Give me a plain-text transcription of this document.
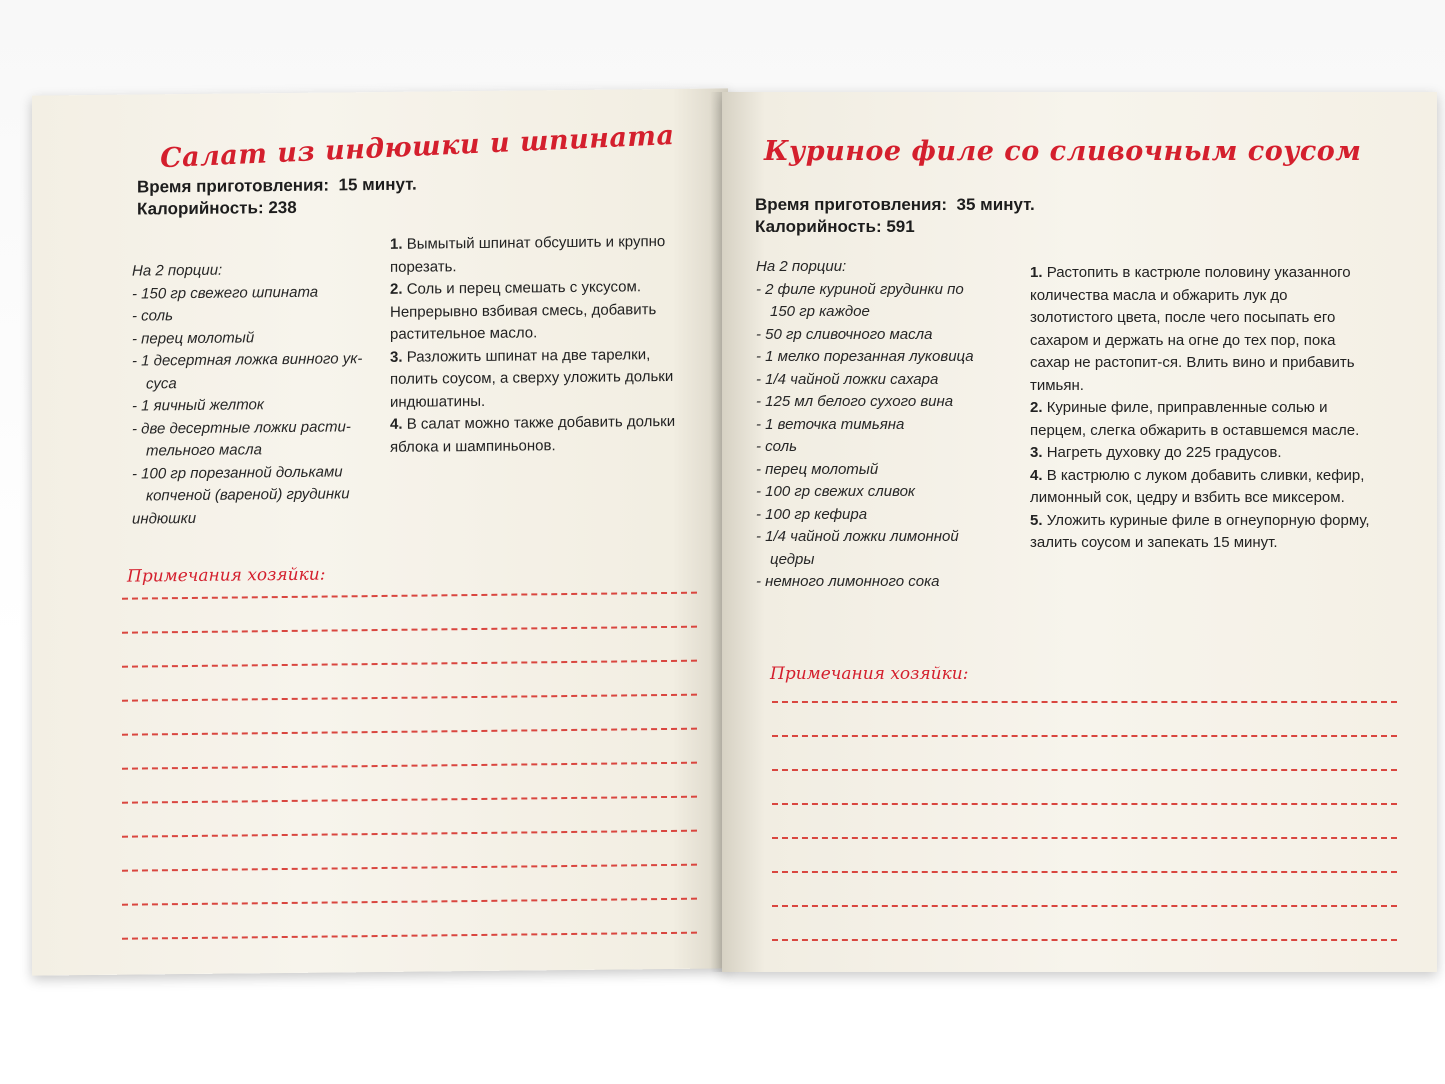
Салат из индюшки и шпината
Время приготовления: 15 минут.
Калорийность: 238
На 2 порции:
- 150 гр свежего шпината
- соль
- перец молотый
- 1 десертная ложка винного ук-
суса
- 1 яичный желток
- две десертные ложки расти-
тельного масла
- 100 гр порезанной дольками
копченой (вареной) грудинки
индюшки
1. Вымытый шпинат обсушить и крупно порезать.
2. Соль и перец смешать с уксусом. Непрерывно взбивая смесь, добавить растительное масло.
3. Разложить шпинат на две тарелки, полить соусом, а сверху уложить дольки индюшатины.
4. В салат можно также добавить дольки яблока и шампиньонов.
Примечания хозяйки:
Куриное филе со сливочным соусом
Время приготовления: 35 минут.
Калорийность: 591
На 2 порции:
- 2 филе куриной грудинки по
150 гр каждое
- 50 гр сливочного масла
- 1 мелко порезанная луковица
- 1/4 чайной ложки сахара
- 125 мл белого сухого вина
- 1 веточка тимьяна
- соль
- перец молотый
- 100 гр свежих сливок
- 100 гр кефира
- 1/4 чайной ложки лимонной
цедры
- немного лимонного сока
1. Растопить в кастрюле половину указанного количества масла и обжарить лук до золотистого цвета, после чего посыпать его сахаром и держать на огне до тех пор, пока сахар не растопит-ся. Влить вино и прибавить тимьян.
2. Куриные филе, приправленные солью и перцем, слегка обжарить в оставшемся масле.
3. Нагреть духовку до 225 градусов.
4. В кастрюлю с луком добавить сливки, кефир, лимонный сок, цедру и взбить все миксером.
5. Уложить куриные филе в огнеупорную форму, залить соусом и запекать 15 минут.
Примечания хозяйки:
